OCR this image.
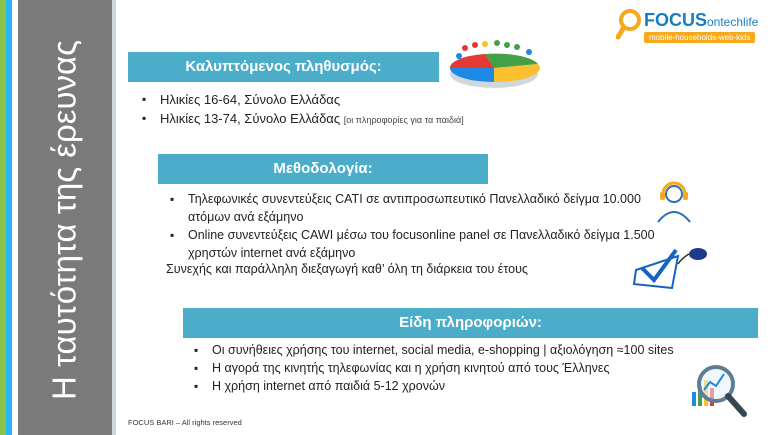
Η ταυτότητα της έρευνας
FOCUSontechlife
mobile-households-web-kids
Καλυπτόμενος πληθυσμός:
▪ Ηλικίες 16-64, Σύνολο Ελλάδας
▪ Ηλικίες 13-74, Σύνολο Ελλάδας [οι πληροφορίες για τα παιδιά]
Μεθοδολογία:
▪ Τηλεφωνικές συνεντεύξεις CATI σε αντιπροσωπευτικό Πανελλαδικό δείγμα 10.000 ατόμων ανά εξάμηνο
▪ Online συνεντεύξεις CAWI μέσω του focusonline panel σε Πανελλαδικό δείγμα 1.500 χρηστών internet ανά εξάμηνο
Συνεχής και παράλληλη διεξαγωγή καθ’ όλη τη διάρκεια του έτους
Είδη πληροφοριών:
▪ Οι συνήθειες χρήσης του internet, social media, e-shopping | αξιολόγηση ≈100 sites
▪ Η αγορά της κινητής τηλεφωνίας και η χρήση κινητού από τους Έλληνες
▪ Η χρήση internet από παιδιά 5-12 χρονών
FOCUS BARI – All rights reserved
